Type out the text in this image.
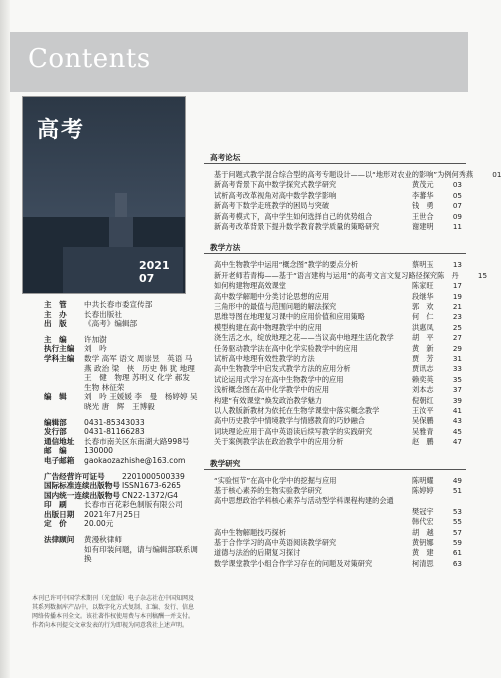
Contents
高考
2021 07
主　管	中共长春市委宣传部
主　办	长春出版社
出　版	《高考》编辑部
主　编	许加澍
执行主编	刘　吟
学科主编	数学 高军 语文 周崇昱　英语 马　燕 政治 梁　侠　历史 韩 犹 地理 王　健　物理 苏明义 化学 郝发　生物 林征荣
编　辑	刘　吟 王媛媛 李　曼　杨婷婷 吴晓光 唐　辉　王博毅
编辑部	0431-85343033
发行部	0431-81166283
通信地址	长春市南关区东南湖大路998号
邮　编	130000
电子邮箱	gaokaozazhishe@163.com
广告经营许可证号	2201000500339
国际标准连续出版物号 ISSN1673-6265
国内统一连续出版物号 CN22-1372/G4
印　刷	长春市百花彩色制版有限公司
出版日期	2021年7月25日
定　价	20.00元
法律顾问	黄漫秋律师
如有印装问题，请与编辑部联系调换
本刊已许可中国学术期刊（光盘版）电子杂志社在中国知网及其系列数据库产品中，以数字化方式复制、汇编、发行、信息网络传播本刊全文。该社著作权使用费与本刊稿酬一并支付。作者向本刊提交文章发表的行为即视为同意我社上述声明。
高考论坛
基于问题式教学混合综合型的高考专题设计——以“地形对农业的影响”为例 何秀燕	01
新高考背景下高中数学探究式教学研究	黄茂元	03
试析高考改革视角对高中数学教学影响	李蕃华	05
新高考下数学走班教学的困局与突破	钱　勇	07
新高考模式下，高中学生如何选择自己的优势组合	王世合	09
新高考改革背景下提升数学教育教学质量的策略研究	谢建明	11
教学方法
高中生物教学中运用“概念图”教学的要点分析	蔡明玉	13
新开老师若青梅——基于“语言建构与运用”的高考文言文复习路径探究 陈　丹	15
如何构建物理高效课堂	陈家旺	17
高中数学解题中分类讨论思想的应用	段继华	19
三角形中的最值与范围问题的解法探究	郭　欢	21
思维导图在地理复习课中的应用价值和应用策略	何　仁	23
模型构建在高中物理教学中的应用	洪惠凤	25
浇生活之水，绽放地理之花——当议高中地理生活化教学	胡　平	27
任务驱动教学法在高中化学实验教学中的应用	黄　新	29
试析高中地理有效性教学的方法	贾　芳	31
高中生物教学中启发式教学方法的应用分析	贾讯志	33
试论运用式学习在高中生物教学中的应用	赖奕英	35
浅析概念图在高中化学教学中的应用	刘本志	37
构建“有效课堂”焕发政治教学魅力	倪朝红	39
以人教版新教材为依托在生物学课堂中落实概念教学	王汝平	41
高中历史教学中情境教学与情感教育的巧妙融合	吴保鹏	43
词块理论应用于高中英语读后续写教学的实践研究	吴雅青	45
关于案例教学法在政治教学中的应用分析	赵　鹏	47
教学研究
“实验恒节”在高中化学中的挖掘与应用	陈明耀	49
基于核心素养的生物实验教学研究	陈婷婷	51
高中思想政治学科核心素养与活动型学科课程构建的会通
樊冠宇	53
韩代宏	55
高中生物解题技巧探析	胡　越	57
基于合作学习的高中英语阅读教学研究	黄钥娜	59
道德与法治的后期复习探讨	黄　建	61
数学课堂教学小组合作学习存在的问题及对策研究	柯清思	63
